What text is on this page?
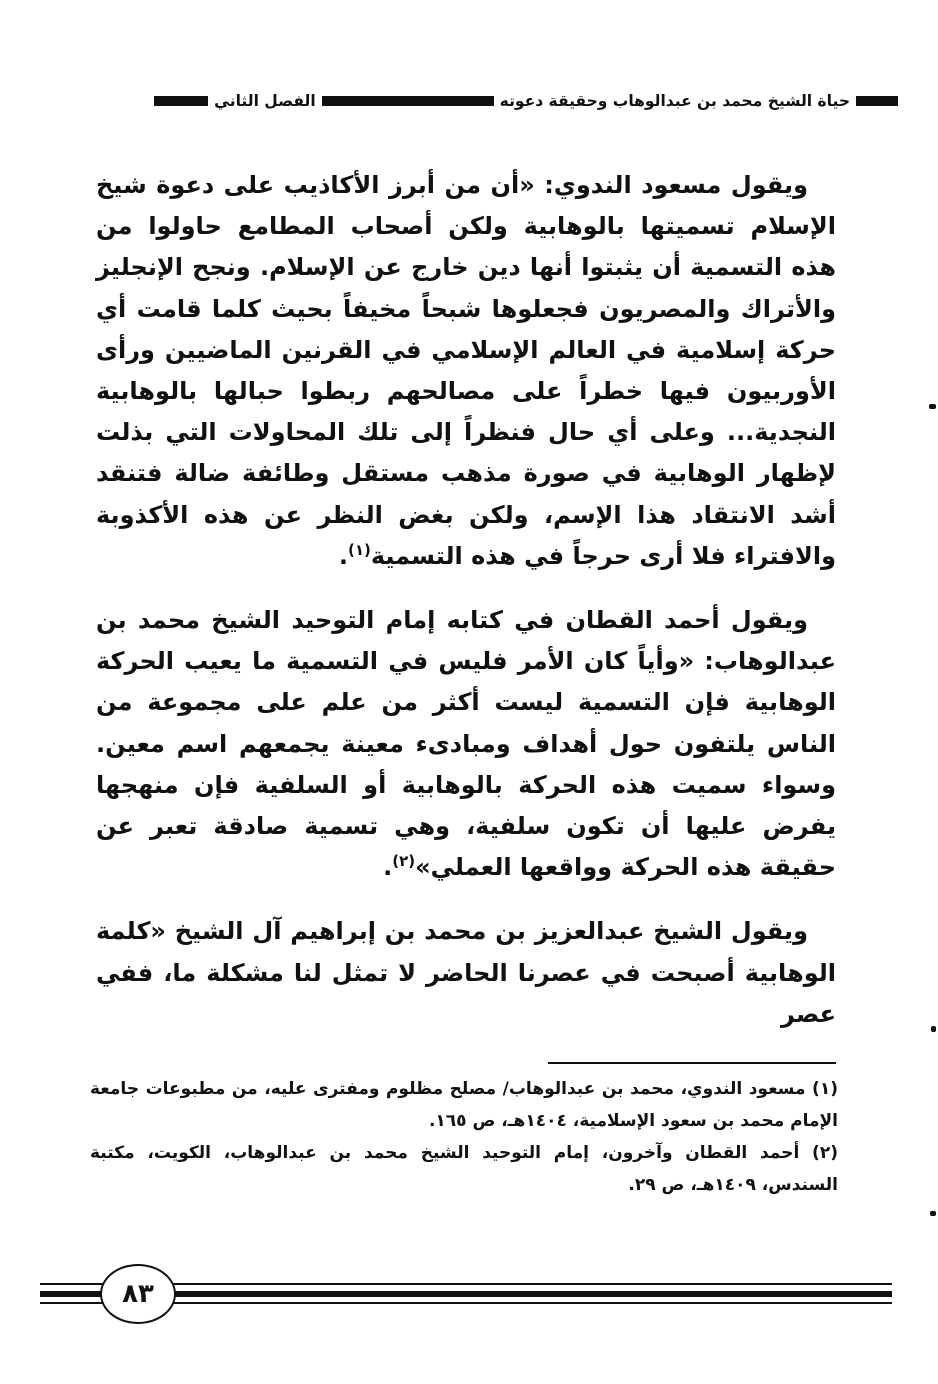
حياة الشيخ محمد بن عبدالوهاب وحقيقة دعوته
الفصل الثاني

ويقول مسعود الندوي: «أن من أبرز الأكاذيب على دعوة شيخ الإسلام تسميتها بالوهابية ولكن أصحاب المطامع حاولوا من هذه التسمية أن يثبتوا أنها دين خارج عن الإسلام. ونجح الإنجليز والأتراك والمصريون فجعلوها شبحاً مخيفاً بحيث كلما قامت أي حركة إسلامية في العالم الإسلامي في القرنين الماضيين ورأى الأوربيون فيها خطراً على مصالحهم ربطوا حبالها بالوهابية النجدية... وعلى أي حال فنظراً إلى تلك المحاولات التي بذلت لإظهار الوهابية في صورة مذهب مستقل وطائفة ضالة فتنقد أشد الانتقاد هذا الإسم، ولكن بغض النظر عن هذه الأكذوبة والافتراء فلا أرى حرجاً في هذه التسمية$^{(١)}$.

ويقول أحمد القطان في كتابه إمام التوحيد الشيخ محمد بن عبدالوهاب: «وأياً كان الأمر فليس في التسمية ما يعيب الحركة الوهابية فإن التسمية ليست أكثر من علم على مجموعة من الناس يلتفون حول أهداف ومبادىء معينة يجمعهم اسم معين. وسواء سميت هذه الحركة بالوهابية أو السلفية فإن منهجها يفرض عليها أن تكون سلفية، وهي تسمية صادقة تعبر عن حقيقة هذه الحركة وواقعها العملي»$^{(٢)}$.

ويقول الشيخ عبدالعزيز بن محمد بن إبراهيم آل الشيخ «كلمة الوهابية أصبحت في عصرنا الحاضر لا تمثل لنا مشكلة ما، ففي عصر

(١) مسعود الندوي، محمد بن عبدالوهاب/ مصلح مظلوم ومفترى عليه، من مطبوعات جامعة الإمام محمد بن سعود الإسلامية، ١٤٠٤هـ، ص ١٦٥.

(٢) أحمد القطان وآخرون، إمام التوحيد الشيخ محمد بن عبدالوهاب، الكويت، مكتبة السندس، ١٤٠٩هـ، ص ٢٩.

٨٣
